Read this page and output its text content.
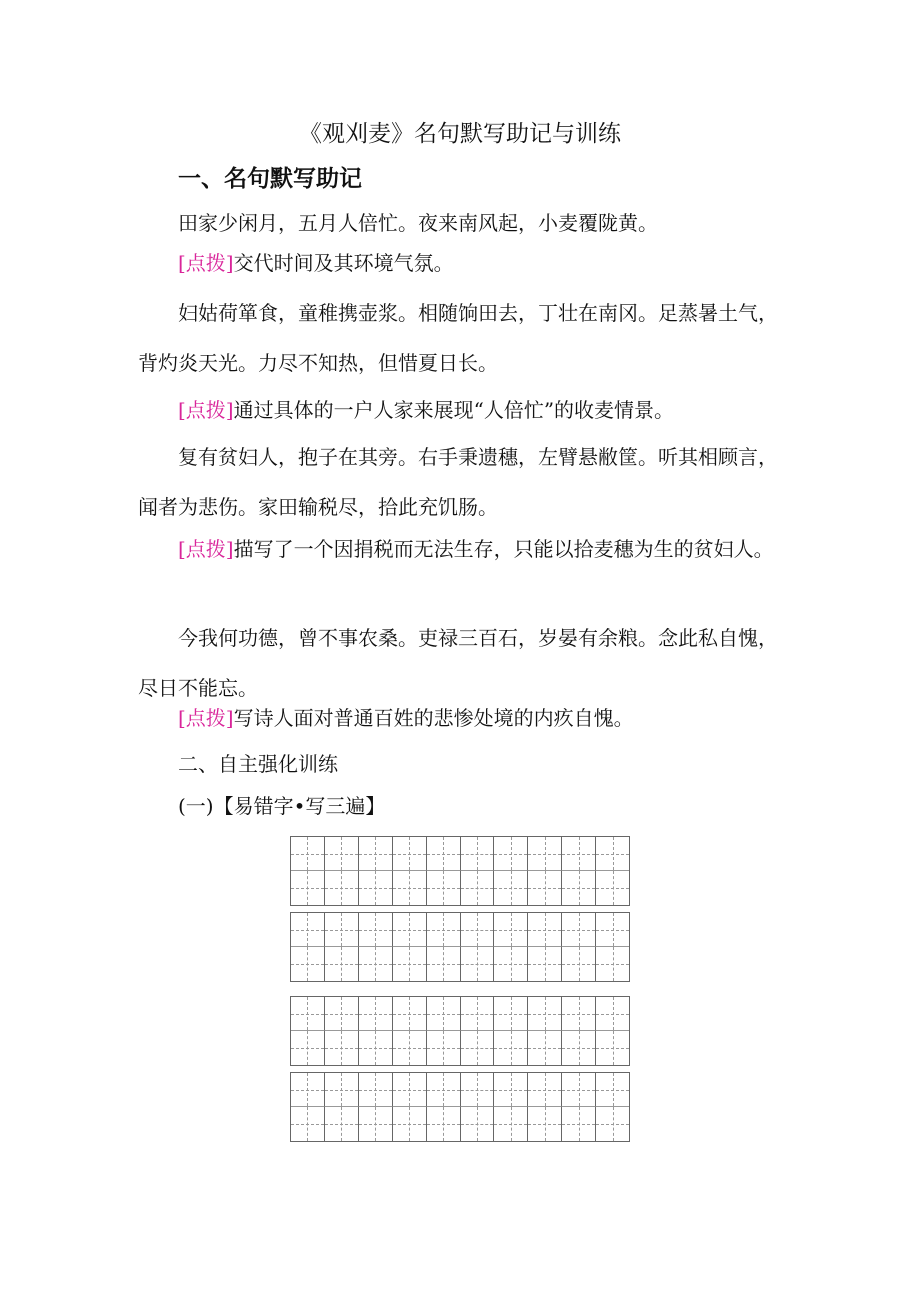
《观刈麦》名句默写助记与训练
一、名句默写助记

田家少闲月，五月人倍忙。夜来南风起，小麦覆陇黄。

[点拨]交代时间及其环境气氛。

妇姑荷箪食，童稚携壶浆。相随饷田去，丁壮在南冈。足蒸暑土气，背灼炎天光。力尽不知热，但惜夏日长。

[点拨]通过具体的一户人家来展现“人倍忙”的收麦情景。

复有贫妇人，抱子在其旁。右手秉遗穗，左臂悬敝筐。听其相顾言，闻者为悲伤。家田输税尽，拾此充饥肠。

[点拨]描写了一个因捐税而无法生存，只能以拾麦穗为生的贫妇人。

今我何功德，曾不事农桑。吏禄三百石，岁晏有余粮。念此私自愧，尽日不能忘。

[点拨]写诗人面对普通百姓的悲惨处境的内疚自愧。

二、自主强化训练

(一)【易错字•写三遍】
